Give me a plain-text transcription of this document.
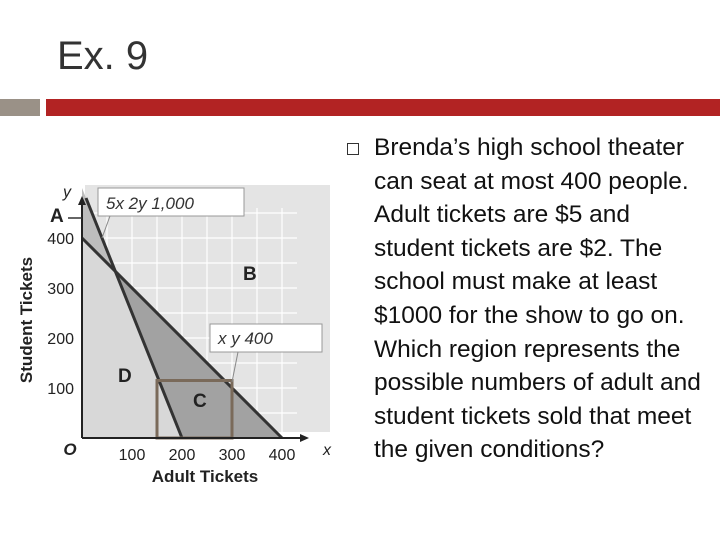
Ex. 9
Brenda’s high school theater can seat at most 400 people. Adult tickets are $5 and student tickets are $2. The school must make at least $1000 for the show to go on. Which region represents the possible numbers of adult and student tickets sold that meet the given conditions?
100 200 300 400
100
200
300
400
5x 2y 1,000
x y 400
A
B
C
D
Adult Tickets
Student Tickets
O	x
y
